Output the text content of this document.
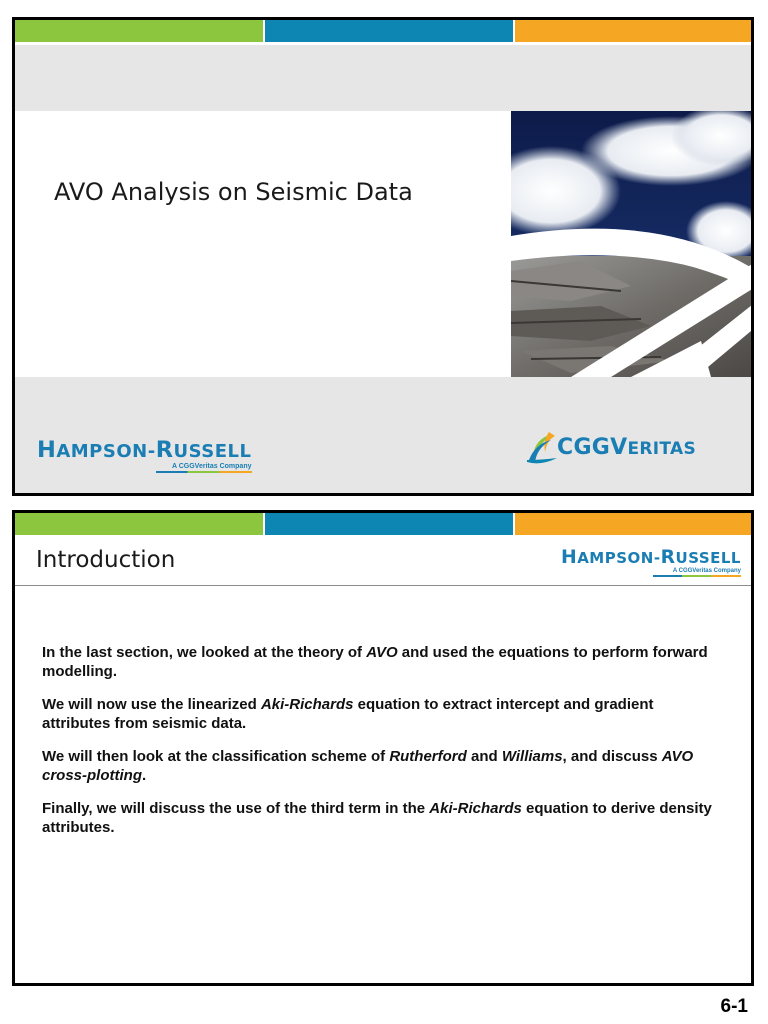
AVO Analysis on Seismic Data
HAMPSON-RUSSELL
A CGGVeritas Company
CGGVERITAS
Introduction	HAMPSON-RUSSELL
A CGGVeritas Company

In the last section, we looked at the theory of AVO and used the equations to perform forward modelling.

We will now use the linearized Aki-Richards equation to extract intercept and gradient attributes from seismic data.

We will then look at the classification scheme of Rutherford and Williams, and discuss AVO cross-plotting.

Finally, we will discuss the use of the third term in the Aki-Richards equation to derive density attributes.

6-1
